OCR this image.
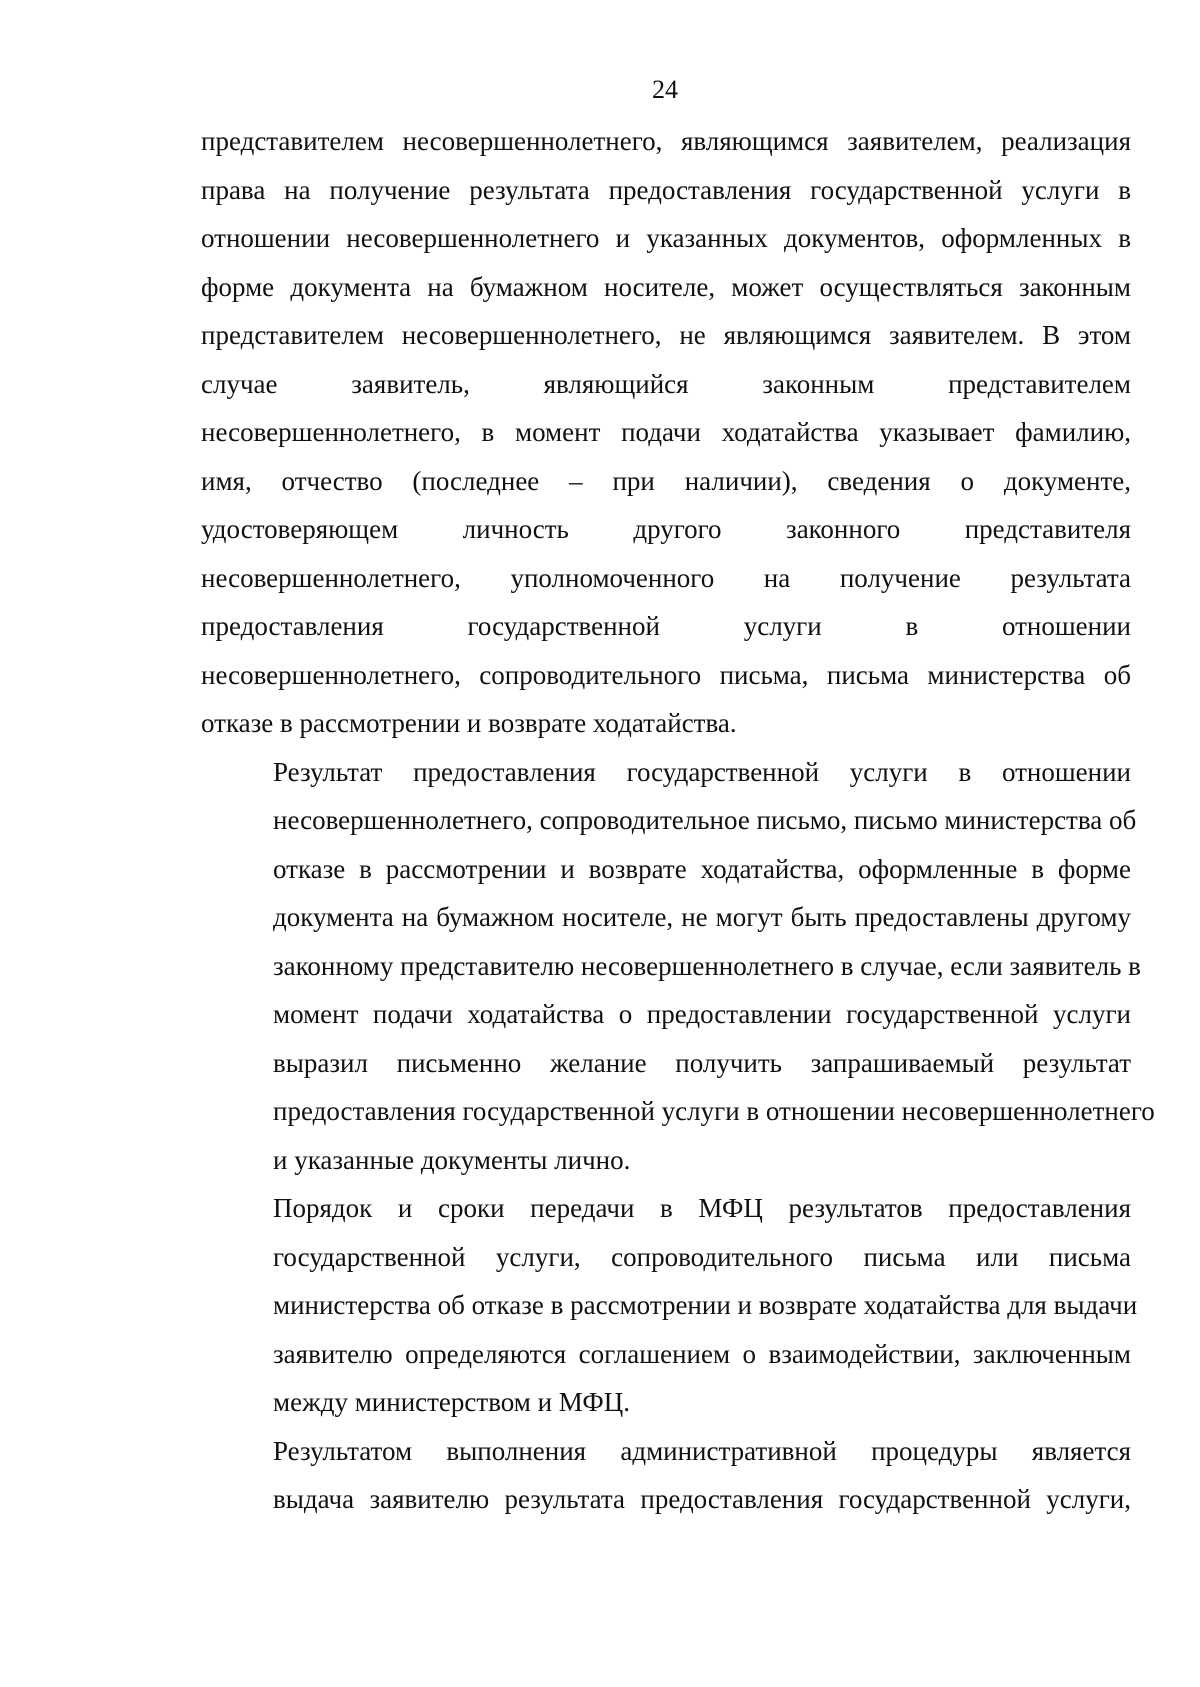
24
представителем несовершеннолетнего, являющимся заявителем, реализация
права на получение результата предоставления государственной услуги в
отношении несовершеннолетнего и указанных документов, оформленных в
форме документа на бумажном носителе, может осуществляться законным
представителем несовершеннолетнего, не являющимся заявителем. В этом
случае заявитель, являющийся законным представителем
несовершеннолетнего, в момент подачи ходатайства указывает фамилию,
имя, отчество (последнее – при наличии), сведения о документе,
удостоверяющем личность другого законного представителя
несовершеннолетнего, уполномоченного на получение результата
предоставления государственной услуги в отношении
несовершеннолетнего, сопроводительного письма, письма министерства об
отказе в рассмотрении и возврате ходатайства.
Результат предоставления государственной услуги в отношении
несовершеннолетнего, сопроводительное письмо, письмо министерства об
отказе в рассмотрении и возврате ходатайства, оформленные в форме
документа на бумажном носителе, не могут быть предоставлены другому
законному представителю несовершеннолетнего в случае, если заявитель в
момент подачи ходатайства о предоставлении государственной услуги
выразил письменно желание получить запрашиваемый результат
предоставления государственной услуги в отношении несовершеннолетнего
и указанные документы лично.
Порядок и сроки передачи в МФЦ результатов предоставления
государственной услуги, сопроводительного письма или письма
министерства об отказе в рассмотрении и возврате ходатайства для выдачи
заявителю определяются соглашением о взаимодействии, заключенным
между министерством и МФЦ.
Результатом выполнения административной процедуры является
выдача заявителю результата предоставления государственной услуги,
